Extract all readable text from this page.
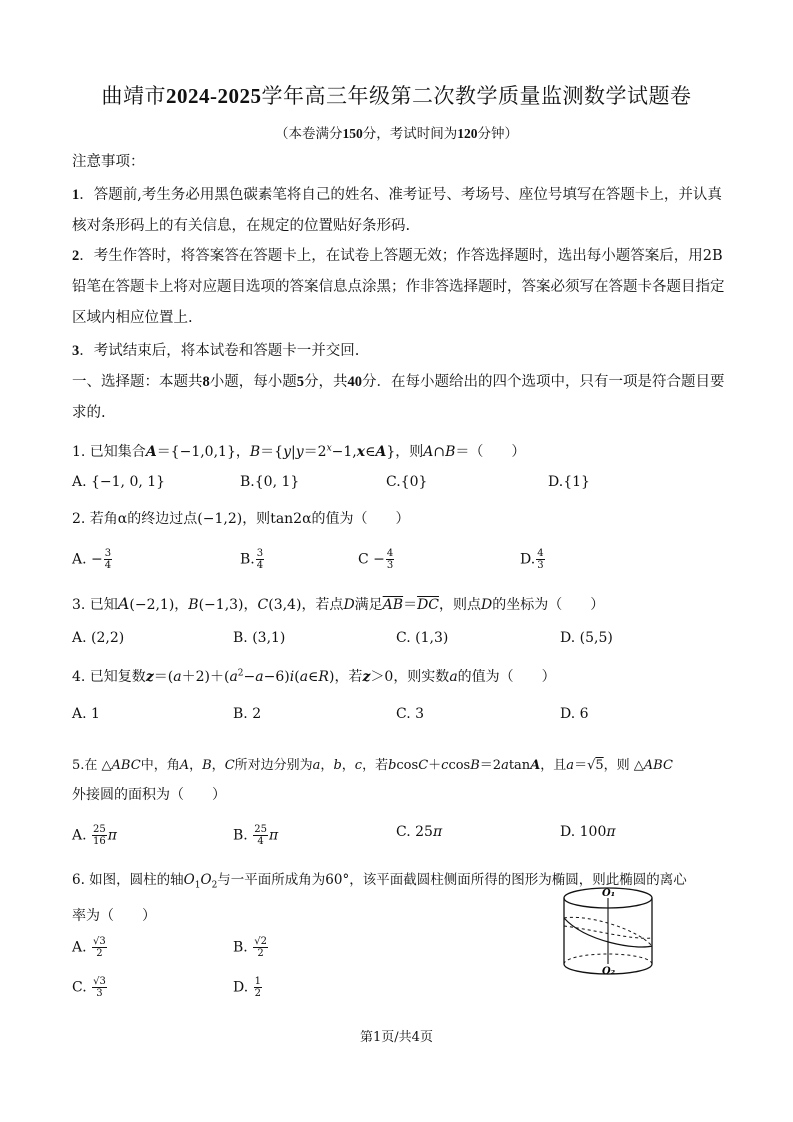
曲靖市2024-2025学年高三年级第二次教学质量监测数学试题卷
（本卷满分150分，考试时间为120分钟）
注意事项：
1．答题前,考生务必用黑色碳素笔将自己的姓名、准考证号、考场号、座位号填写在答题卡上，并认真核对条形码上的有关信息，在规定的位置贴好条形码.
2．考生作答时，将答案答在答题卡上，在试卷上答题无效；作答选择题时，选出每小题答案后，用2B铅笔在答题卡上将对应题目选项的答案信息点涂黑；作非答选择题时，答案必须写在答题卡各题目指定区域内相应位置上.
3．考试结束后，将本试卷和答题卡一并交回.
一、选择题：本题共8小题，每小题5分，共40分．在每小题给出的四个选项中，只有一项是符合题目要求的.
1. 已知集合A＝{−1,0,1}，$B=\{y|y=2^x-1,x\in A\}$，则A∩B＝（　　）
A. {−1, 0, 1}	B.{0, 1}	C.{0}	D.{1}
2. 若角α的终边过点(−1,2)，则tan2α的值为（　　）
A. − $\frac{3}{4}$	B. $\frac{3}{4}$	$C - \frac{4}{3}$	D. $\frac{4}{3}$
3. 已知A(−2,1)，B(−1,3)，C(3,4)，若点D满足$\overline{AB}=\overline{DC}$，则点D的坐标为（　　）
A. (2,2)	B. (3,1)	C. (1,3)	D. (5,5)
4. 已知复数$z=(a+2)+(a^2-a-6)i(a\in R)$，若z＞0，则实数a的值为（　　）
A. 1	B. 2	C. 3	D. 6
5.在 △ABC中，角A，B，C所对边分别为a，b，c，若bcosC＋ccosB＝2atanA，且a＝√5，则 △ABC
外接圆的面积为（　　）
A. $\frac{25}{16}$ π	B. $\frac{25}{4}$ π	C. 25π	D. 100π
6. 如图，圆柱的轴$O_1O_2$与一平面所成角为60°，该平面截圆柱侧面所得的图形为椭圆，则此椭圆的离心
率为（　　）
A. $\frac{√3}{2}$	B. $\frac{√2}{2}$
C. $\frac{√3}{3}$	D. $\frac{1}{2}$
O₁
O₂
第1页/共4页
